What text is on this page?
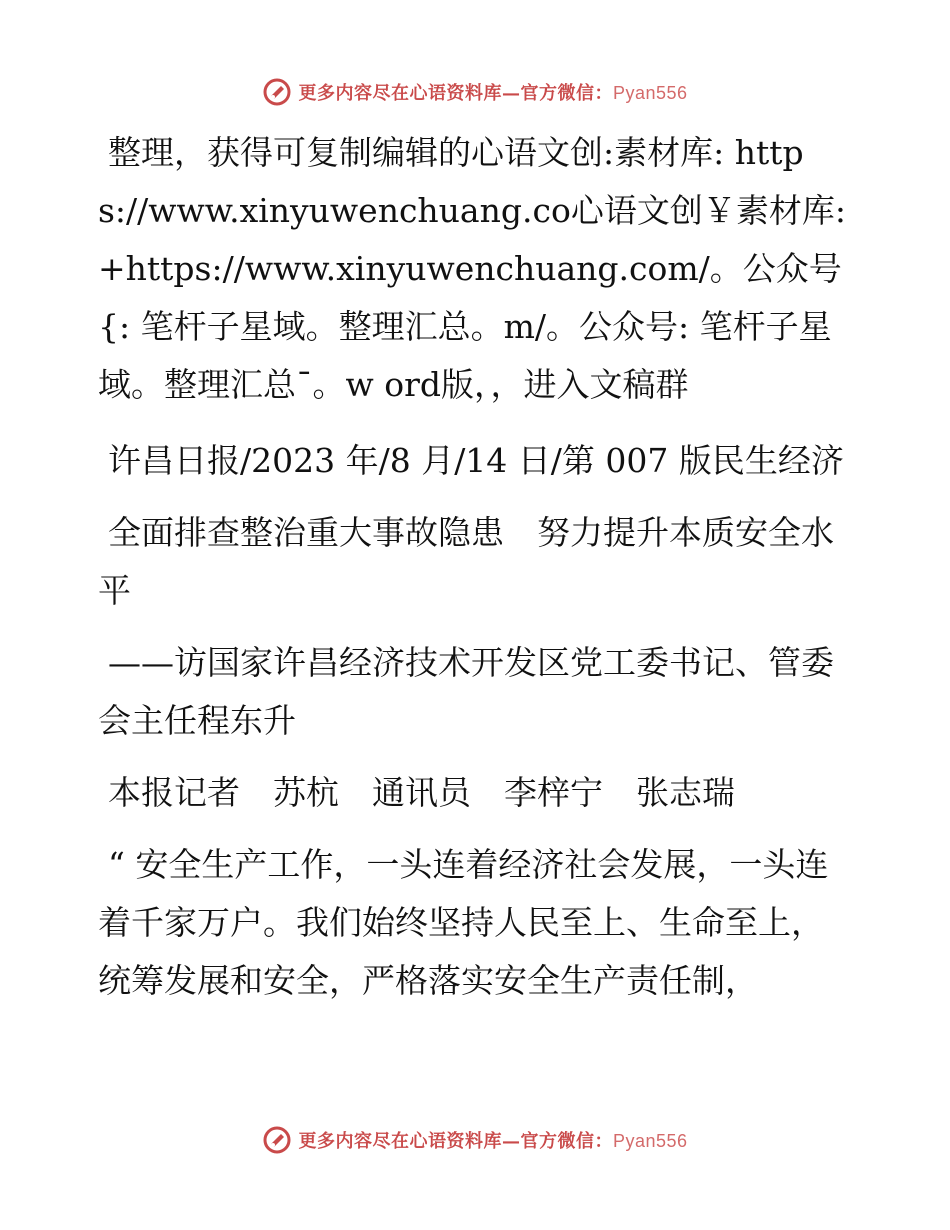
更多内容尽在心语资料库—官方微信：Pyan556

整理，获得可复制编辑的心语文创:素材库: https://www.xinyuwenchuang.co心语文创￥素材库: +https://www.xinyuwenchuang.com/。公众号{: 笔杆子星域。整理汇总。m/。公众号: 笔杆子星域。整理汇总¯。w ord版，，进入文稿群

许昌日报/2023 年/8 月/14 日/第 007 版民生经济

全面排查整治重大事故隐患　努力提升本质安全水平

——访国家许昌经济技术开发区党工委书记、管委会主任程东升

本报记者　苏杭　通讯员　李梓宁　张志瑞

“ 安全生产工作，一头连着经济社会发展，一头连着千家万户。我们始终坚持人民至上、生命至上，统筹发展和安全，严格落实安全生产责任制，

更多内容尽在心语资料库—官方微信：Pyan556
